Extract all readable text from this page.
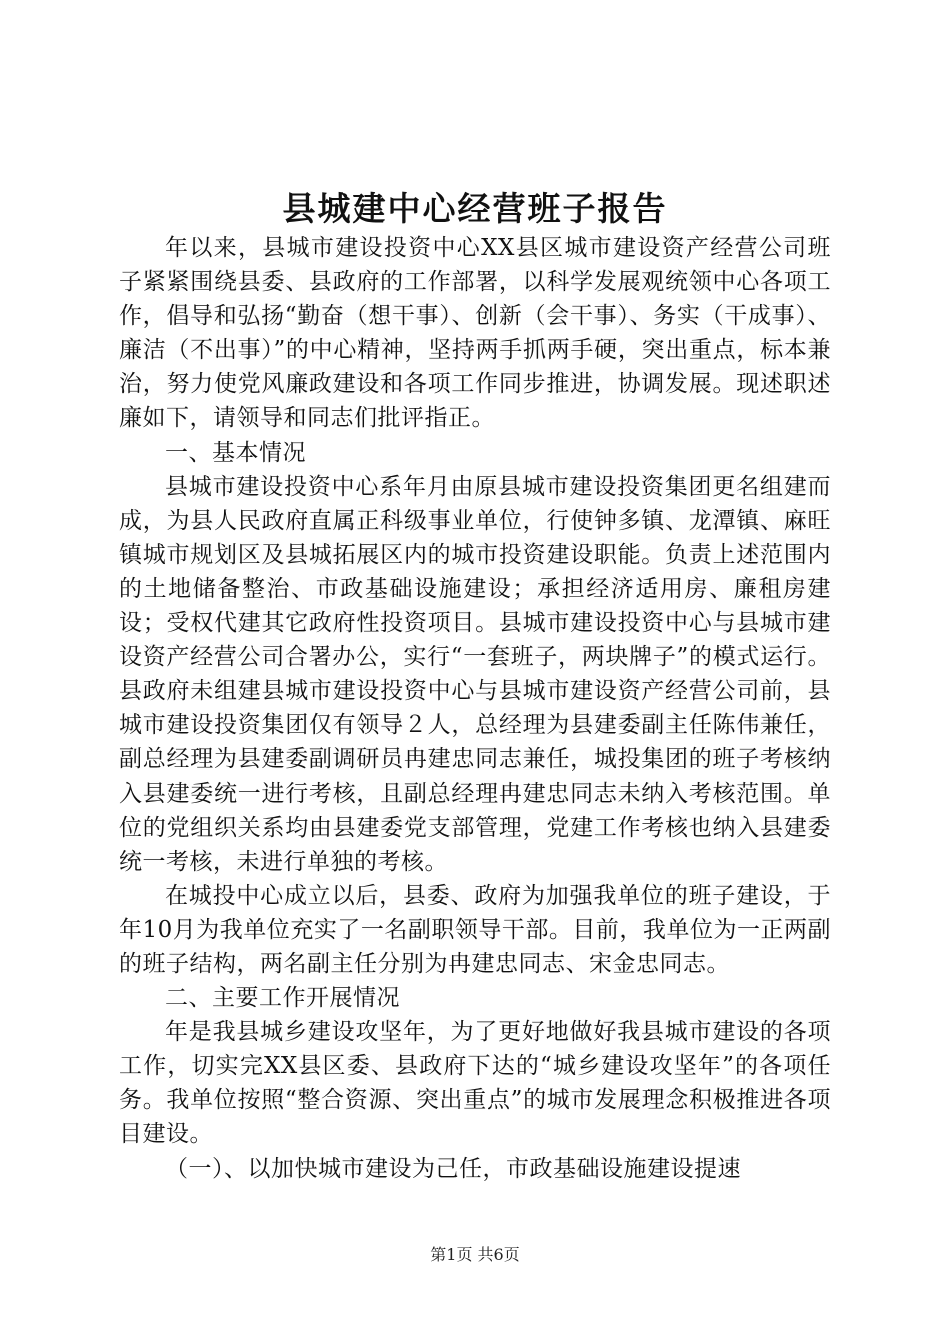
县城建中心经营班子报告

年以来，县城市建设投资中心XX县区城市建设资产经营公司班子紧紧围绕县委、县政府的工作部署，以科学发展观统领中心各项工作，倡导和弘扬“勤奋（想干事）、创新（会干事）、务实（干成事）、廉洁（不出事）”的中心精神，坚持两手抓两手硬，突出重点，标本兼治，努力使党风廉政建设和各项工作同步推进，协调发展。现述职述廉如下，请领导和同志们批评指正。

一、基本情况

县城市建设投资中心系年月由原县城市建设投资集团更名组建而成，为县人民政府直属正科级事业单位，行使钟多镇、龙潭镇、麻旺镇城市规划区及县城拓展区内的城市投资建设职能。负责上述范围内的土地储备整治、市政基础设施建设；承担经济适用房、廉租房建设；受权代建其它政府性投资项目。县城市建设投资中心与县城市建设资产经营公司合署办公，实行“一套班子，两块牌子”的模式运行。县政府未组建县城市建设投资中心与县城市建设资产经营公司前，县城市建设投资集团仅有领导２人，总经理为县建委副主任陈伟兼任，副总经理为县建委副调研员冉建忠同志兼任，城投集团的班子考核纳入县建委统一进行考核，且副总经理冉建忠同志未纳入考核范围。单位的党组织关系均由县建委党支部管理，党建工作考核也纳入县建委统一考核，未进行单独的考核。

在城投中心成立以后，县委、政府为加强我单位的班子建设，于年10月为我单位充实了一名副职领导干部。目前，我单位为一正两副的班子结构，两名副主任分别为冉建忠同志、宋金忠同志。

二、主要工作开展情况

年是我县城乡建设攻坚年，为了更好地做好我县城市建设的各项工作，切实完XX县区委、县政府下达的“城乡建设攻坚年”的各项任务。我单位按照“整合资源、突出重点”的城市发展理念积极推进各项目建设。

（一）、以加快城市建设为己任，市政基础设施建设提速

第1页 共6页
